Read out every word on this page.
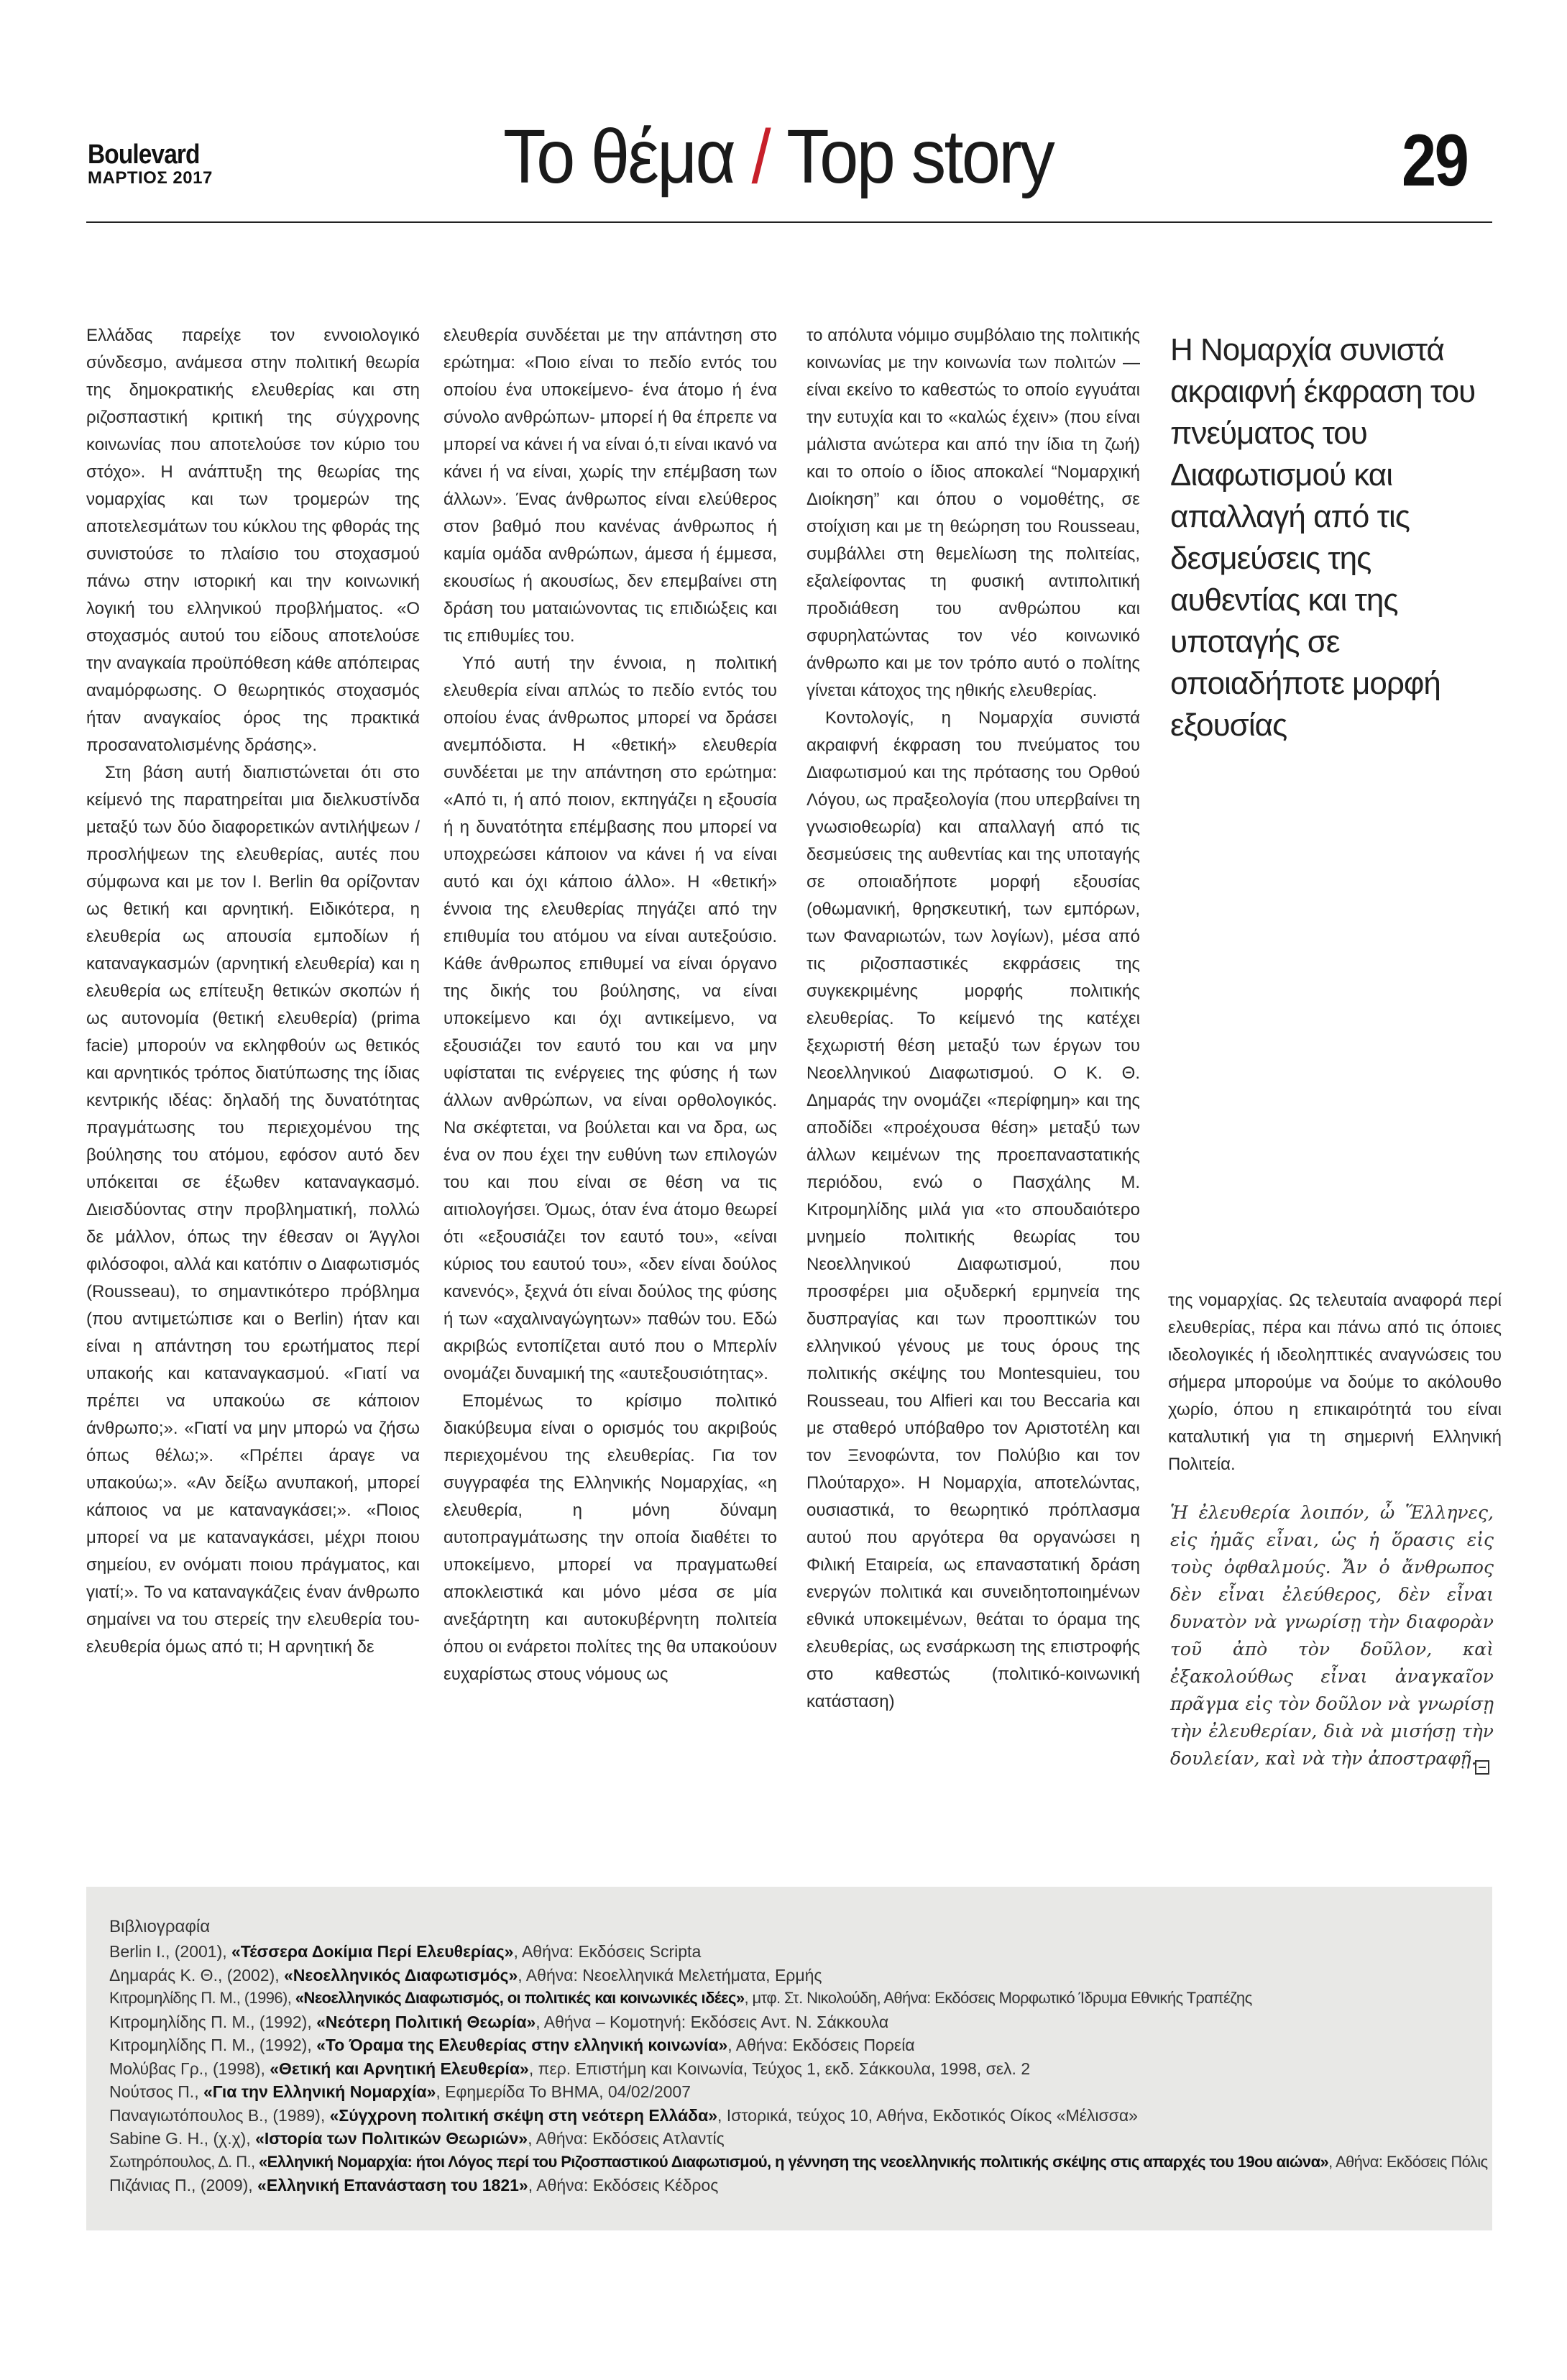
Boulevard
ΜΑΡΤΙΟΣ 2017	Το θέμα / Top story	29

Ελλάδας παρείχε τον εννοιολογικό σύνδεσμο, ανάμεσα στην πολιτική θεωρία της δημοκρατικής ελευθερίας και στη ριζοσπαστική κριτική της σύγχρονης κοινωνίας που αποτελούσε τον κύριο του στόχο». Η ανάπτυξη της θεωρίας της νομαρχίας και των τρομερών της αποτελεσμάτων του κύκλου της φθοράς της συνιστούσε το πλαίσιο του στοχασμού πάνω στην ιστορική και την κοινωνική λογική του ελληνικού προβλήματος. «Ο στοχασμός αυτού του είδους αποτελούσε την αναγκαία προϋπόθεση κάθε απόπειρας αναμόρφωσης. Ο θεωρητικός στοχασμός ήταν αναγκαίος όρος της πρακτικά προσανατολισμένης δράσης».

Στη βάση αυτή διαπιστώνεται ότι στο κείμενό της παρατηρείται μια διελκυστίνδα μεταξύ των δύο διαφορετικών αντιλήψεων / προσλήψεων της ελευθερίας, αυτές που σύμφωνα και με τον I. Berlin θα ορίζονταν ως θετική και αρνητική. Ειδικότερα, η ελευθερία ως απουσία εμποδίων ή καταναγκασμών (αρνητική ελευθερία) και η ελευθερία ως επίτευξη θετικών σκοπών ή ως αυτονομία (θετική ελευθερία) (prima facie) μπορούν να εκληφθούν ως θετικός και αρνητικός τρόπος διατύπωσης της ίδιας κεντρικής ιδέας: δηλαδή της δυνατότητας πραγμάτωσης του περιεχομένου της βούλησης του ατόμου, εφόσον αυτό δεν υπόκειται σε έξωθεν καταναγκασμό. Διεισδύοντας στην προβληματική, πολλώ δε μάλλον, όπως την έθεσαν οι Άγγλοι φιλόσοφοι, αλλά και κατόπιν ο Διαφωτισμός (Rousseau), το σημαντικότερο πρόβλημα (που αντιμετώπισε και ο Berlin) ήταν και είναι η απάντηση του ερωτήματος περί υπακοής και καταναγκασμού. «Γιατί να πρέπει να υπακούω σε κάποιον άνθρωπο;». «Γιατί να μην μπορώ να ζήσω όπως θέλω;». «Πρέπει άραγε να υπακούω;». «Αν δείξω ανυπακοή, μπορεί κάποιος να με καταναγκάσει;». «Ποιος μπορεί να με καταναγκάσει, μέχρι ποιου σημείου, εν ονόματι ποιου πράγματος, και γιατί;». Το να καταναγκάζεις έναν άνθρωπο σημαίνει να του στερείς την ελευθερία του- ελευθερία όμως από τι; Η αρνητική δε

ελευθερία συνδέεται με την απάντηση στο ερώτημα: «Ποιο είναι το πεδίο εντός του οποίου ένα υποκείμενο- ένα άτομο ή ένα σύνολο ανθρώπων- μπορεί ή θα έπρεπε να μπορεί να κάνει ή να είναι ό,τι είναι ικανό να κάνει ή να είναι, χωρίς την επέμβαση των άλλων». Ένας άνθρωπος είναι ελεύθερος στον βαθμό που κανένας άνθρωπος ή καμία ομάδα ανθρώπων, άμεσα ή έμμεσα, εκουσίως ή ακουσίως, δεν επεμβαίνει στη δράση του ματαιώνοντας τις επιδιώξεις και τις επιθυμίες του.

Υπό αυτή την έννοια, η πολιτική ελευθερία είναι απλώς το πεδίο εντός του οποίου ένας άνθρωπος μπορεί να δράσει ανεμπόδιστα. Η «θετική» ελευθερία συνδέεται με την απάντηση στο ερώτημα: «Από τι, ή από ποιον, εκπηγάζει η εξουσία ή η δυνατότητα επέμβασης που μπορεί να υποχρεώσει κάποιον να κάνει ή να είναι αυτό και όχι κάποιο άλλο». Η «θετική» έννοια της ελευθερίας πηγάζει από την επιθυμία του ατόμου να είναι αυτεξούσιο. Κάθε άνθρωπος επιθυμεί να είναι όργανο της δικής του βούλησης, να είναι υποκείμενο και όχι αντικείμενο, να εξουσιάζει τον εαυτό του και να μην υφίσταται τις ενέργειες της φύσης ή των άλλων ανθρώπων, να είναι ορθολογικός. Να σκέφτεται, να βούλεται και να δρα, ως ένα ον που έχει την ευθύνη των επιλογών του και που είναι σε θέση να τις αιτιολογήσει. Όμως, όταν ένα άτομο θεωρεί ότι «εξουσιάζει τον εαυτό του», «είναι κύριος του εαυτού του», «δεν είναι δούλος κανενός», ξεχνά ότι είναι δούλος της φύσης ή των «αχαλιναγώγητων» παθών του. Εδώ ακριβώς εντοπίζεται αυτό που ο Μπερλίν ονομάζει δυναμική της «αυτεξουσιότητας».

Επομένως το κρίσιμο πολιτικό διακύβευμα είναι ο ορισμός του ακριβούς περιεχομένου της ελευθερίας. Για τον συγγραφέα της Ελληνικής Νομαρχίας, «η ελευθερία, η μόνη δύναμη αυτοπραγμάτωσης την οποία διαθέτει το υποκείμενο, μπορεί να πραγματωθεί αποκλειστικά και μόνο μέσα σε μία ανεξάρτητη και αυτοκυβέρνητη πολιτεία όπου οι ενάρετοι πολίτες της θα υπακούουν ευχαρίστως στους νόμους ως

το απόλυτα νόμιμο συμβόλαιο της πολιτικής κοινωνίας με την κοινωνία των πολιτών —είναι εκείνο το καθεστώς το οποίο εγγυάται την ευτυχία και το «καλώς έχειν» (που είναι μάλιστα ανώτερα και από την ίδια τη ζωή) και το οποίο ο ίδιος αποκαλεί “Νομαρχική Διοίκηση” και όπου ο νομοθέτης, σε στοίχιση και με τη θεώρηση του Rousseau, συμβάλλει στη θεμελίωση της πολιτείας, εξαλείφοντας τη φυσική αντιπολιτική προδιάθεση του ανθρώπου και σφυρηλατώντας τον νέο κοινωνικό άνθρωπο και με τον τρόπο αυτό ο πολίτης γίνεται κάτοχος της ηθικής ελευθερίας.

Κοντολογίς, η Νομαρχία συνιστά ακραιφνή έκφραση του πνεύματος του Διαφωτισμού και της πρότασης του Ορθού Λόγου, ως πραξεολογία (που υπερβαίνει τη γνωσιοθεωρία) και απαλλαγή από τις δεσμεύσεις της αυθεντίας και της υποταγής σε οποιαδήποτε μορφή εξουσίας (οθωμανική, θρησκευτική, των εμπόρων, των Φαναριωτών, των λογίων), μέσα από τις ριζοσπαστικές εκφράσεις της συγκεκριμένης μορφής πολιτικής ελευθερίας. Το κείμενό της κατέχει ξεχωριστή θέση μεταξύ των έργων του Νεοελληνικού Διαφωτισμού. Ο Κ. Θ. Δημαράς την ονομάζει «περίφημη» και της αποδίδει «προέχουσα θέση» μεταξύ των άλλων κειμένων της προεπαναστατικής περιόδου, ενώ ο Πασχάλης Μ. Κιτρομηλίδης μιλά για «το σπουδαιότερο μνημείο πολιτικής θεωρίας του Νεοελληνικού Διαφωτισμού, που προσφέρει μια οξυδερκή ερμηνεία της δυσπραγίας και των προοπτικών του ελληνικού γένους με τους όρους της πολιτικής σκέψης του Montesquieu, του Rousseau, του Alfieri και του Beccaria και με σταθερό υπόβαθρο τον Αριστοτέλη και τον Ξενοφώντα, τον Πολύβιο και τον Πλούταρχο». Η Νομαρχία, αποτελώντας, ουσιαστικά, το θεωρητικό πρόπλασμα αυτού που αργότερα θα οργανώσει η Φιλική Εταιρεία, ως επαναστατική δράση ενεργών πολιτικά και συνειδητοποιημένων εθνικά υποκειμένων, θεάται το όραμα της ελευθερίας, ως ενσάρκωση της επιστροφής στο καθεστώς (πολιτικό-κοινωνική κατάσταση)

Η Νομαρχία συνιστά ακραιφνή έκφραση του πνεύματος του Διαφωτισμού και απαλλαγή από τις δεσμεύσεις της αυθεντίας και της υποταγής σε οποιαδήποτε μορφή εξουσίας

της νομαρχίας. Ως τελευταία αναφορά περί ελευθερίας, πέρα και πάνω από τις όποιες ιδεολογικές ή ιδεοληπτικές αναγνώσεις του σήμερα μπορούμε να δούμε το ακόλουθο χωρίο, όπου η επικαιρότητά του είναι καταλυτική για τη σημερινή Ελληνική Πολιτεία.

Ἡ ἐλευθερία λοιπόν, ὦ Ἕλληνες, εἰς ἡμᾶς εἶναι, ὡς ἡ ὅρασις εἰς τοὺς ὀφθαλμούς. Ἄν ὁ ἄνθρωπος δὲν εἶναι ἐλεύθερος, δὲν εἶναι δυνατὸν νὰ γνωρίσῃ τὴν διαφορὰν τοῦ ἀπὸ τὸν δοῦλον, καὶ ἐξακολούθως εἶναι ἀναγκαῖον πρᾶγμα εἰς τὸν δοῦλον νὰ γνωρίσῃ τὴν ἐλευθερίαν, διὰ νὰ μισήσῃ τὴν δουλείαν, καὶ νὰ τὴν ἀποστραφῇ.
Βιβλιογραφία
Berlin I., (2001), «Τέσσερα Δοκίμια Περί Ελευθερίας», Αθήνα: Εκδόσεις Scripta
Δημαράς Κ. Θ., (2002), «Νεοελληνικός Διαφωτισμός», Αθήνα: Νεοελληνικά Μελετήματα, Ερμής
Κιτρομηλίδης Π. Μ., (1996), «Νεοελληνικός Διαφωτισμός, οι πολιτικές και κοινωνικές ιδέες», μτφ. Στ. Νικολούδη, Αθήνα: Εκδόσεις Μορφωτικό Ίδρυμα Εθνικής Τραπέζης
Κιτρομηλίδης Π. Μ., (1992), «Νεότερη Πολιτική Θεωρία», Αθήνα – Κομοτηνή: Εκδόσεις Αντ. Ν. Σάκκουλα
Κιτρομηλίδης Π. Μ., (1992), «Το Όραμα της Ελευθερίας στην ελληνική κοινωνία», Αθήνα: Εκδόσεις Πορεία
Μολύβας Γρ., (1998), «Θετική και Αρνητική Ελευθερία», περ. Επιστήμη και Κοινωνία, Τεύχος 1, εκδ. Σάκκουλα, 1998, σελ. 2
Νούτσος Π., «Για την Ελληνική Νομαρχία», Εφημερίδα Το ΒΗΜΑ, 04/02/2007
Παναγιωτόπουλος Β., (1989), «Σύγχρονη πολιτική σκέψη στη νεότερη Ελλάδα», Ιστορικά, τεύχος 10, Αθήνα, Εκδοτικός Οίκος «Μέλισσα»
Sabine G. H., (χ.χ), «Ιστορία των Πολιτικών Θεωριών», Αθήνα: Εκδόσεις Ατλαντίς
Σωτηρόπουλος, Δ. Π., «Ελληνική Νομαρχία: ήτοι Λόγος περί του Ριζοσπαστικού Διαφωτισμού, η γέννηση της νεοελληνικής πολιτικής σκέψης στις απαρχές του 19ου αιώνα», Αθήνα: Εκδόσεις Πόλις
Πιζάνιας Π., (2009), «Ελληνική Επανάσταση του 1821», Αθήνα: Εκδόσεις Κέδρος
